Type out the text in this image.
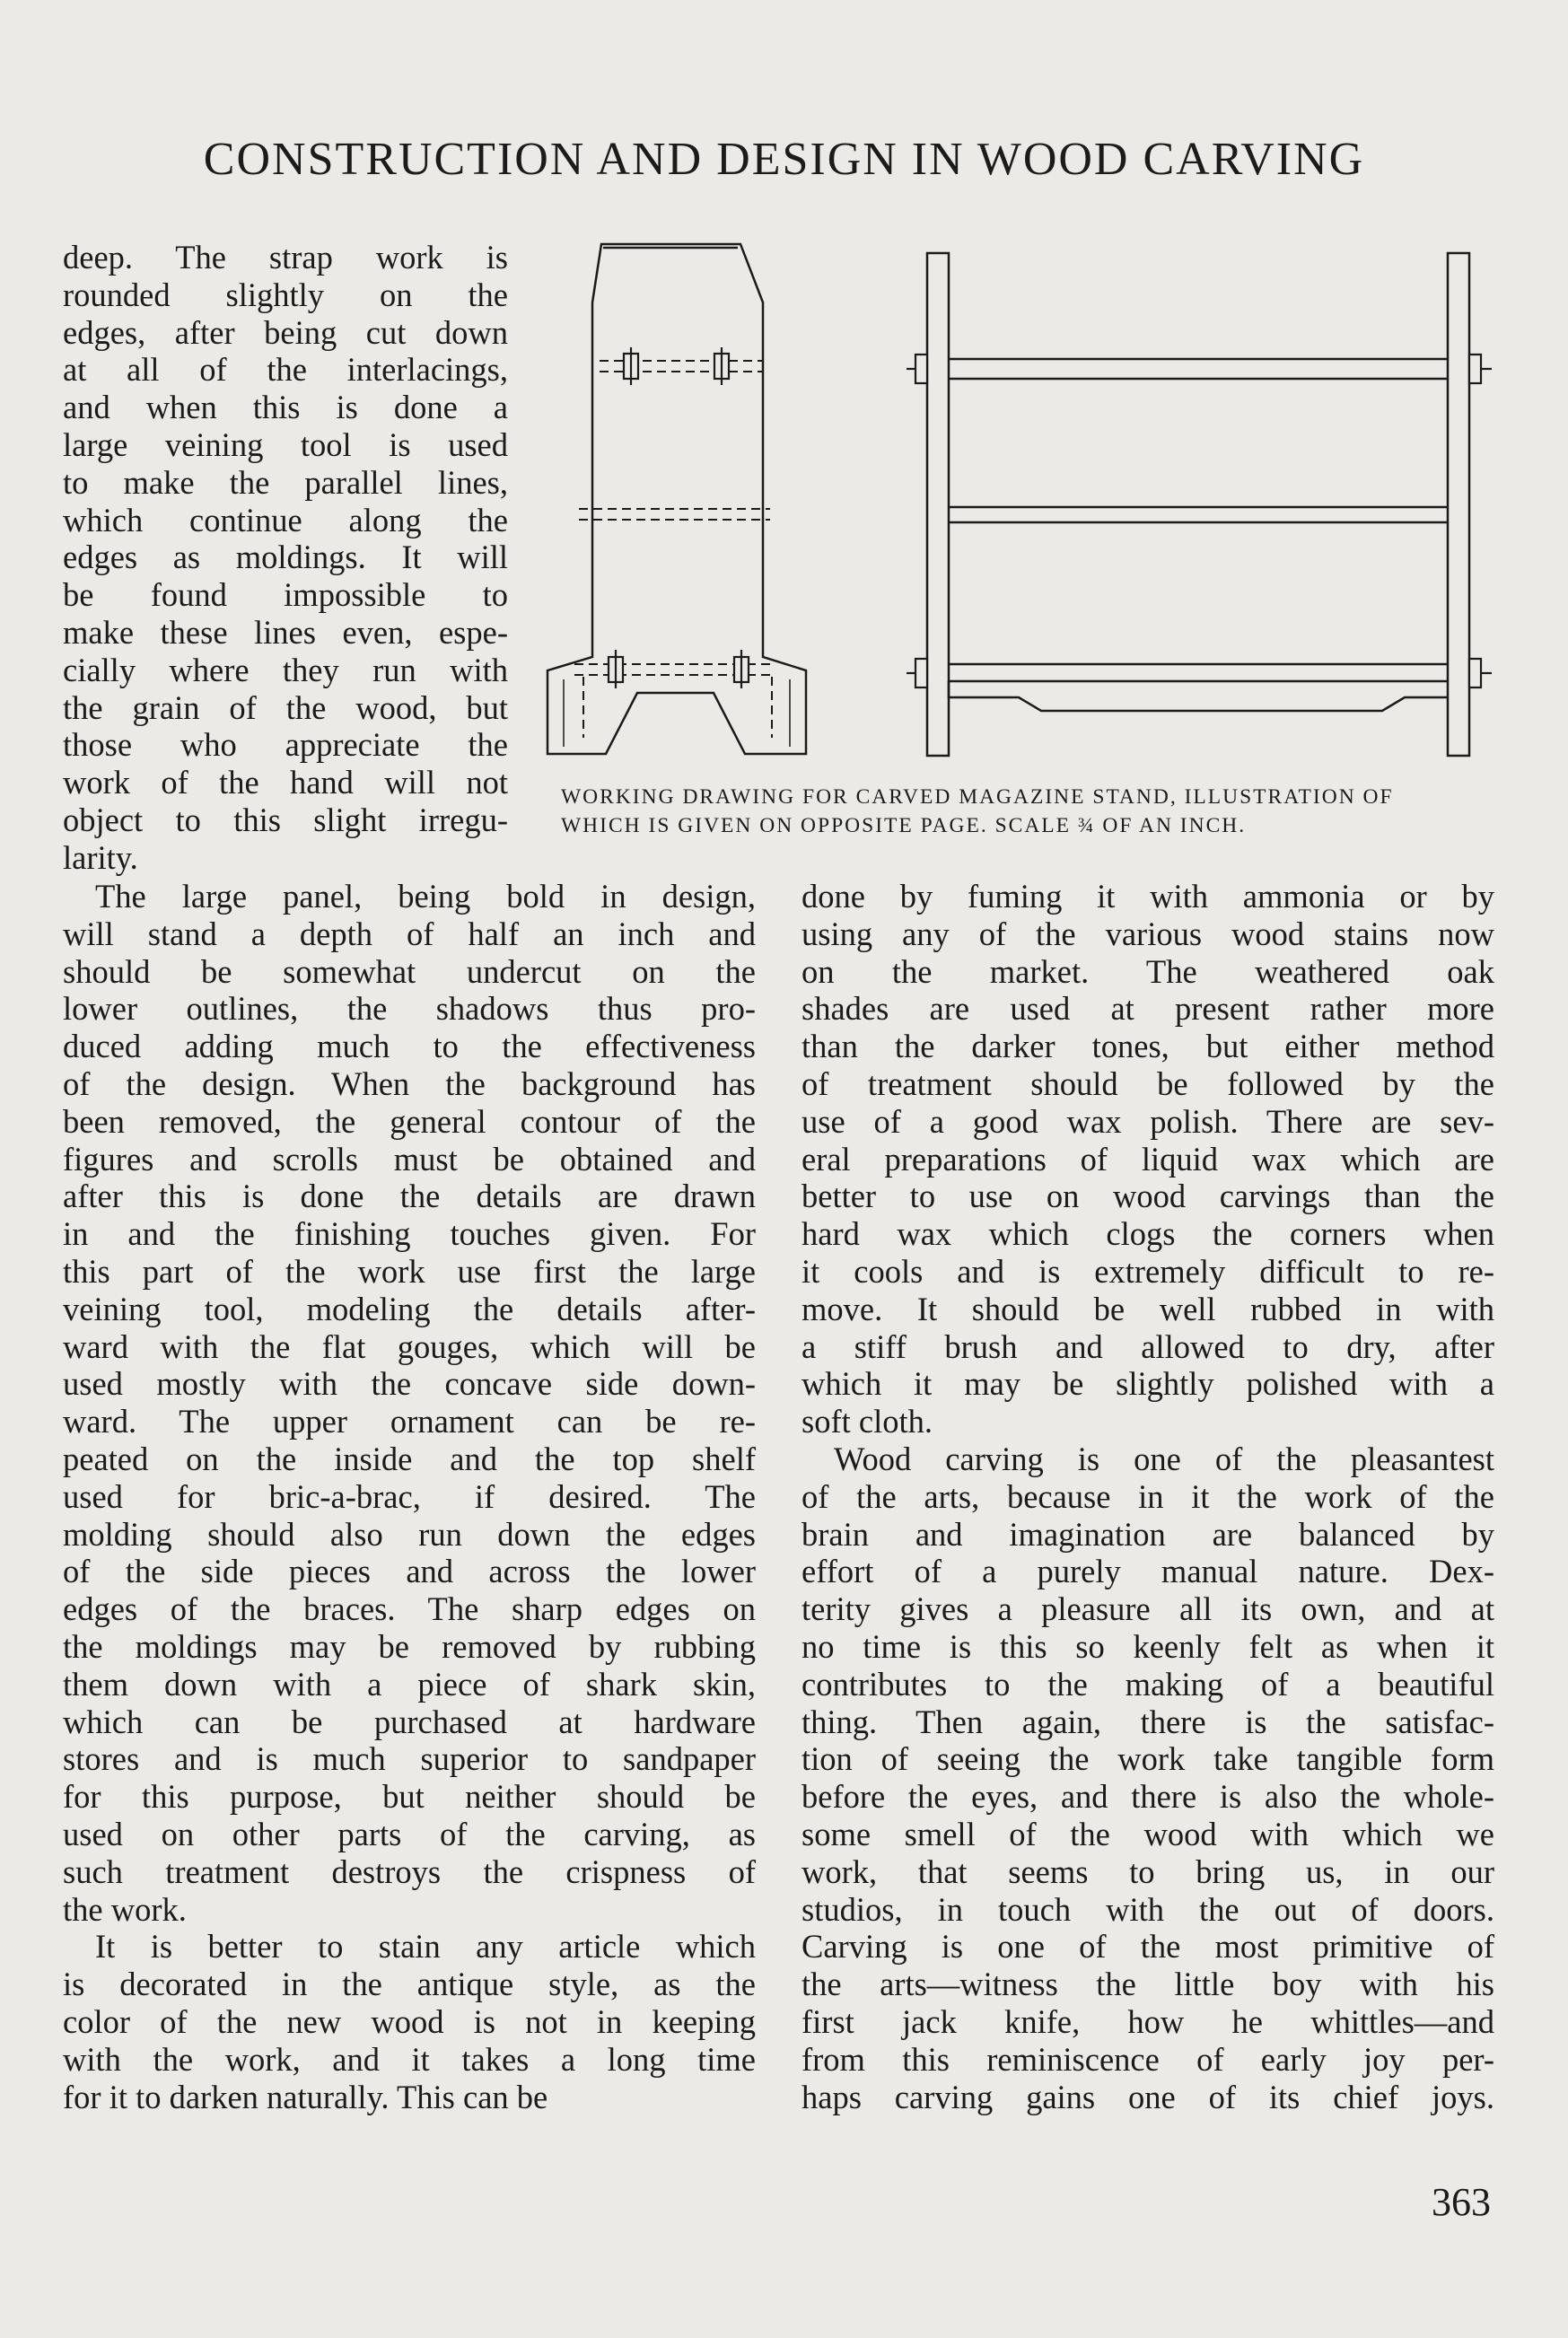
CONSTRUCTION AND DESIGN IN WOOD CARVING
deep. The strap work is
rounded slightly on the
edges, after being cut down
at all of the interlacings,
and when this is done a
large veining tool is used
to make the parallel lines,
which continue along the
edges as moldings. It will
be found impossible to
make these lines even, espe-
cially where they run with
the grain of the wood, but
those who appreciate the
work of the hand will not
object to this slight irregu-
larity.
WORKING DRAWING FOR CARVED MAGAZINE STAND, ILLUSTRATION OF
WHICH IS GIVEN ON OPPOSITE PAGE. SCALE ¾ OF AN INCH.
The large panel, being bold in design,
will stand a depth of half an inch and
should be somewhat undercut on the
lower outlines, the shadows thus pro-
duced adding much to the effectiveness
of the design. When the background has
been removed, the general contour of the
figures and scrolls must be obtained and
after this is done the details are drawn
in and the finishing touches given. For
this part of the work use first the large
veining tool, modeling the details after-
ward with the flat gouges, which will be
used mostly with the concave side down-
ward. The upper ornament can be re-
peated on the inside and the top shelf
used for bric-a-brac, if desired. The
molding should also run down the edges
of the side pieces and across the lower
edges of the braces. The sharp edges on
the moldings may be removed by rubbing
them down with a piece of shark skin,
which can be purchased at hardware
stores and is much superior to sandpaper
for this purpose, but neither should be
used on other parts of the carving, as
such treatment destroys the crispness of
the work.
It is better to stain any article which
is decorated in the antique style, as the
color of the new wood is not in keeping
with the work, and it takes a long time
for it to darken naturally. This can be
done by fuming it with ammonia or by
using any of the various wood stains now
on the market. The weathered oak
shades are used at present rather more
than the darker tones, but either method
of treatment should be followed by the
use of a good wax polish. There are sev-
eral preparations of liquid wax which are
better to use on wood carvings than the
hard wax which clogs the corners when
it cools and is extremely difficult to re-
move. It should be well rubbed in with
a stiff brush and allowed to dry, after
which it may be slightly polished with a
soft cloth.
Wood carving is one of the pleasantest
of the arts, because in it the work of the
brain and imagination are balanced by
effort of a purely manual nature. Dex-
terity gives a pleasure all its own, and at
no time is this so keenly felt as when it
contributes to the making of a beautiful
thing. Then again, there is the satisfac-
tion of seeing the work take tangible form
before the eyes, and there is also the whole-
some smell of the wood with which we
work, that seems to bring us, in our
studios, in touch with the out of doors.
Carving is one of the most primitive of
the arts—witness the little boy with his
first jack knife, how he whittles—and
from this reminiscence of early joy per-
haps carving gains one of its chief joys.
363
